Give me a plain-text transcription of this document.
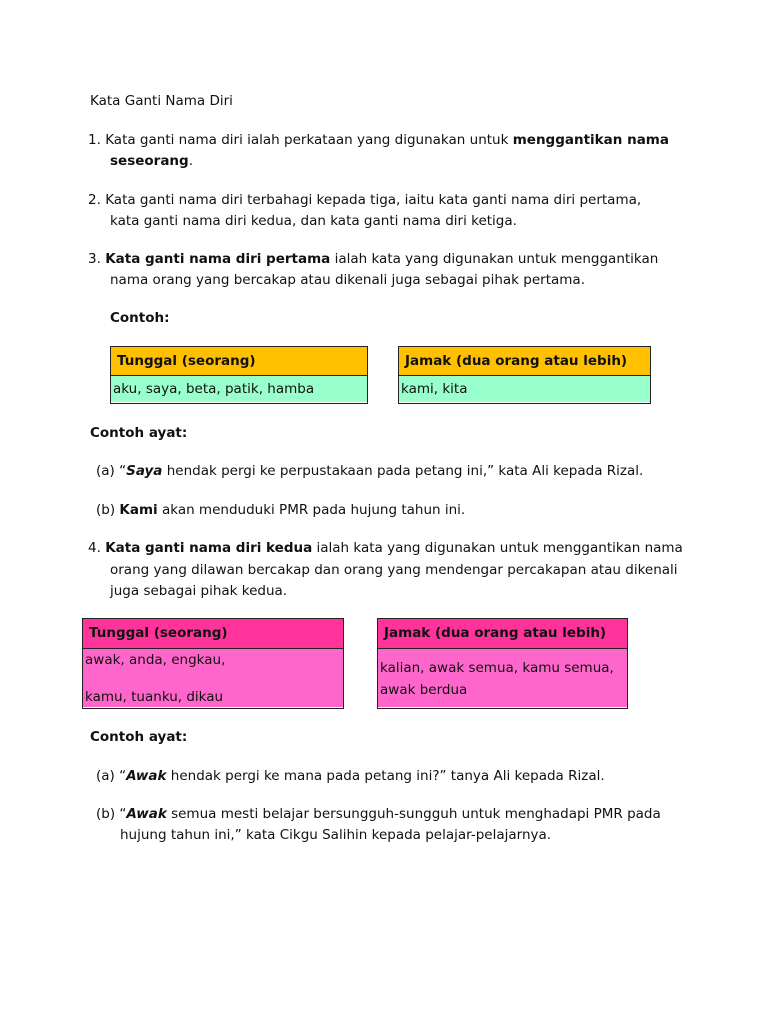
Kata Ganti Nama Diri
1. Kata ganti nama diri ialah perkataan yang digunakan untuk menggantikan nama
seseorang.
2. Kata ganti nama diri terbahagi kepada tiga, iaitu kata ganti nama diri pertama,
kata ganti nama diri kedua, dan kata ganti nama diri ketiga.
3. Kata ganti nama diri pertama ialah kata yang digunakan untuk menggantikan
nama orang yang bercakap atau dikenali juga sebagai pihak pertama.
Contoh:
Tunggal (seorang)
aku, saya, beta, patik, hamba
Jamak (dua orang atau lebih)
kami, kita
Contoh ayat:
(a) “Saya hendak pergi ke perpustakaan pada petang ini,” kata Ali kepada Rizal.
(b) Kami akan menduduki PMR pada hujung tahun ini.
4. Kata ganti nama diri kedua ialah kata yang digunakan untuk menggantikan nama
orang yang dilawan bercakap dan orang yang mendengar percakapan atau dikenali
juga sebagai pihak kedua.
Tunggal (seorang)
awak, anda, engkau,
kamu, tuanku, dikau
Jamak (dua orang atau lebih)
kalian, awak semua, kamu semua,
awak berdua
Contoh ayat:
(a) “Awak hendak pergi ke mana pada petang ini?” tanya Ali kepada Rizal.
(b) “Awak semua mesti belajar bersungguh-sungguh untuk menghadapi PMR pada
hujung tahun ini,” kata Cikgu Salihin kepada pelajar-pelajarnya.
